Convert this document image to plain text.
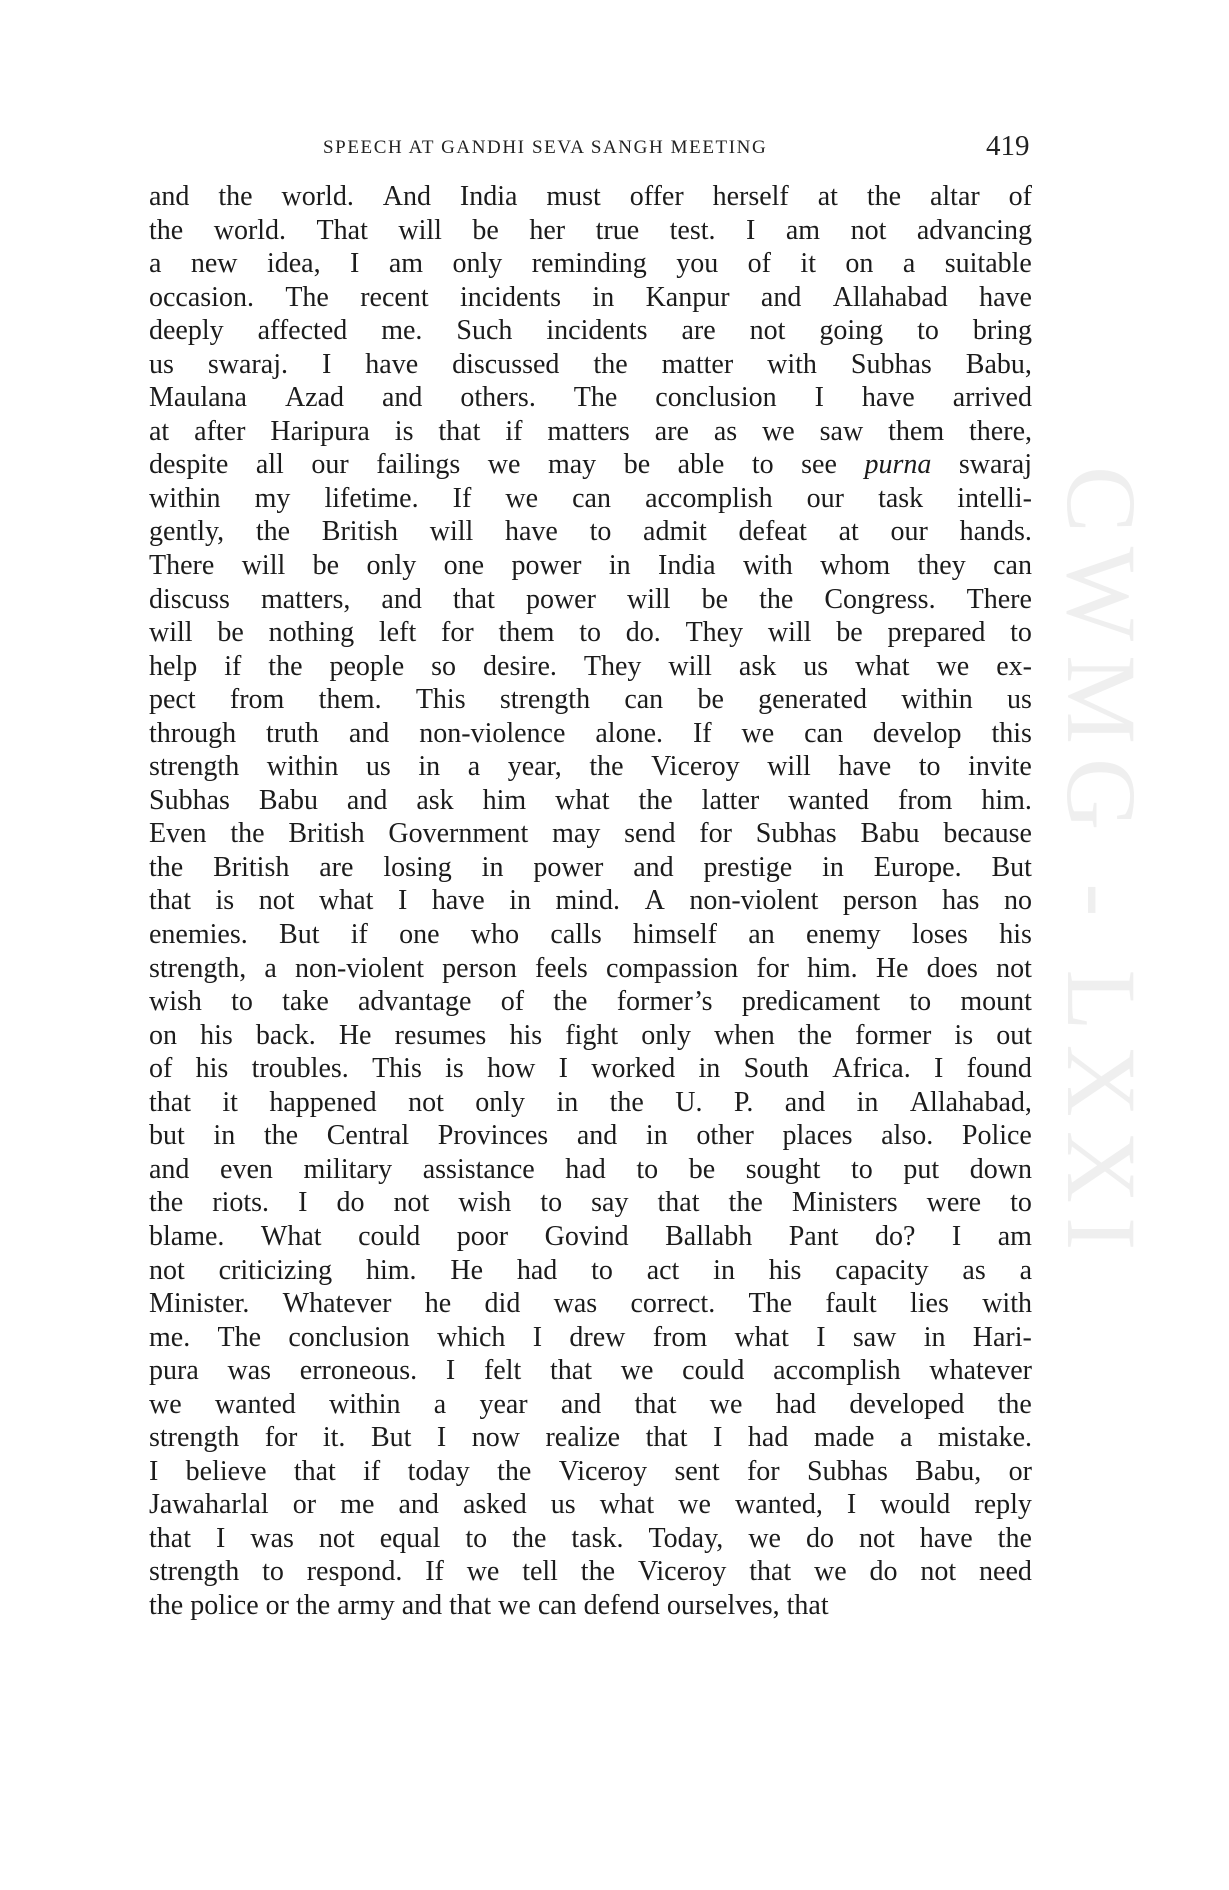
CWMG - LXXI
SPEECH AT GANDHI SEVA SANGH MEETING	419
and the world. And India must offer herself at the altar of
the world. That will be her true test. I am not advancing
a new idea, I am only reminding you of it on a suitable
occasion. The recent incidents in Kanpur and Allahabad have
deeply affected me. Such incidents are not going to bring
us swaraj. I have discussed the matter with Subhas Babu,
Maulana Azad and others. The conclusion I have arrived
at after Haripura is that if matters are as we saw them there,
despite all our failings we may be able to see purna swaraj
within my lifetime. If we can accomplish our task intelli-
gently, the British will have to admit defeat at our hands.
There will be only one power in India with whom they can
discuss matters, and that power will be the Congress. There
will be nothing left for them to do. They will be prepared to
help if the people so desire. They will ask us what we ex-
pect from them. This strength can be generated within us
through truth and non-violence alone. If we can develop this
strength within us in a year, the Viceroy will have to invite
Subhas Babu and ask him what the latter wanted from him.
Even the British Government may send for Subhas Babu because
the British are losing in power and prestige in Europe. But
that is not what I have in mind. A non-violent person has no
enemies. But if one who calls himself an enemy loses his
strength, a non-violent person feels compassion for him. He does not
wish to take advantage of the former’s predicament to mount
on his back. He resumes his fight only when the former is out
of his troubles. This is how I worked in South Africa. I found
that it happened not only in the U. P. and in Allahabad,
but in the Central Provinces and in other places also. Police
and even military assistance had to be sought to put down
the riots. I do not wish to say that the Ministers were to
blame. What could poor Govind Ballabh Pant do? I am
not criticizing him. He had to act in his capacity as a
Minister. Whatever he did was correct. The fault lies with
me. The conclusion which I drew from what I saw in Hari-
pura was erroneous. I felt that we could accomplish whatever
we wanted within a year and that we had developed the
strength for it. But I now realize that I had made a mistake.
I believe that if today the Viceroy sent for Subhas Babu, or
Jawaharlal or me and asked us what we wanted, I would reply
that I was not equal to the task. Today, we do not have the
strength to respond. If we tell the Viceroy that we do not need
the
police
or
the
army
and
that
we
can
defend
ourselves,
that
